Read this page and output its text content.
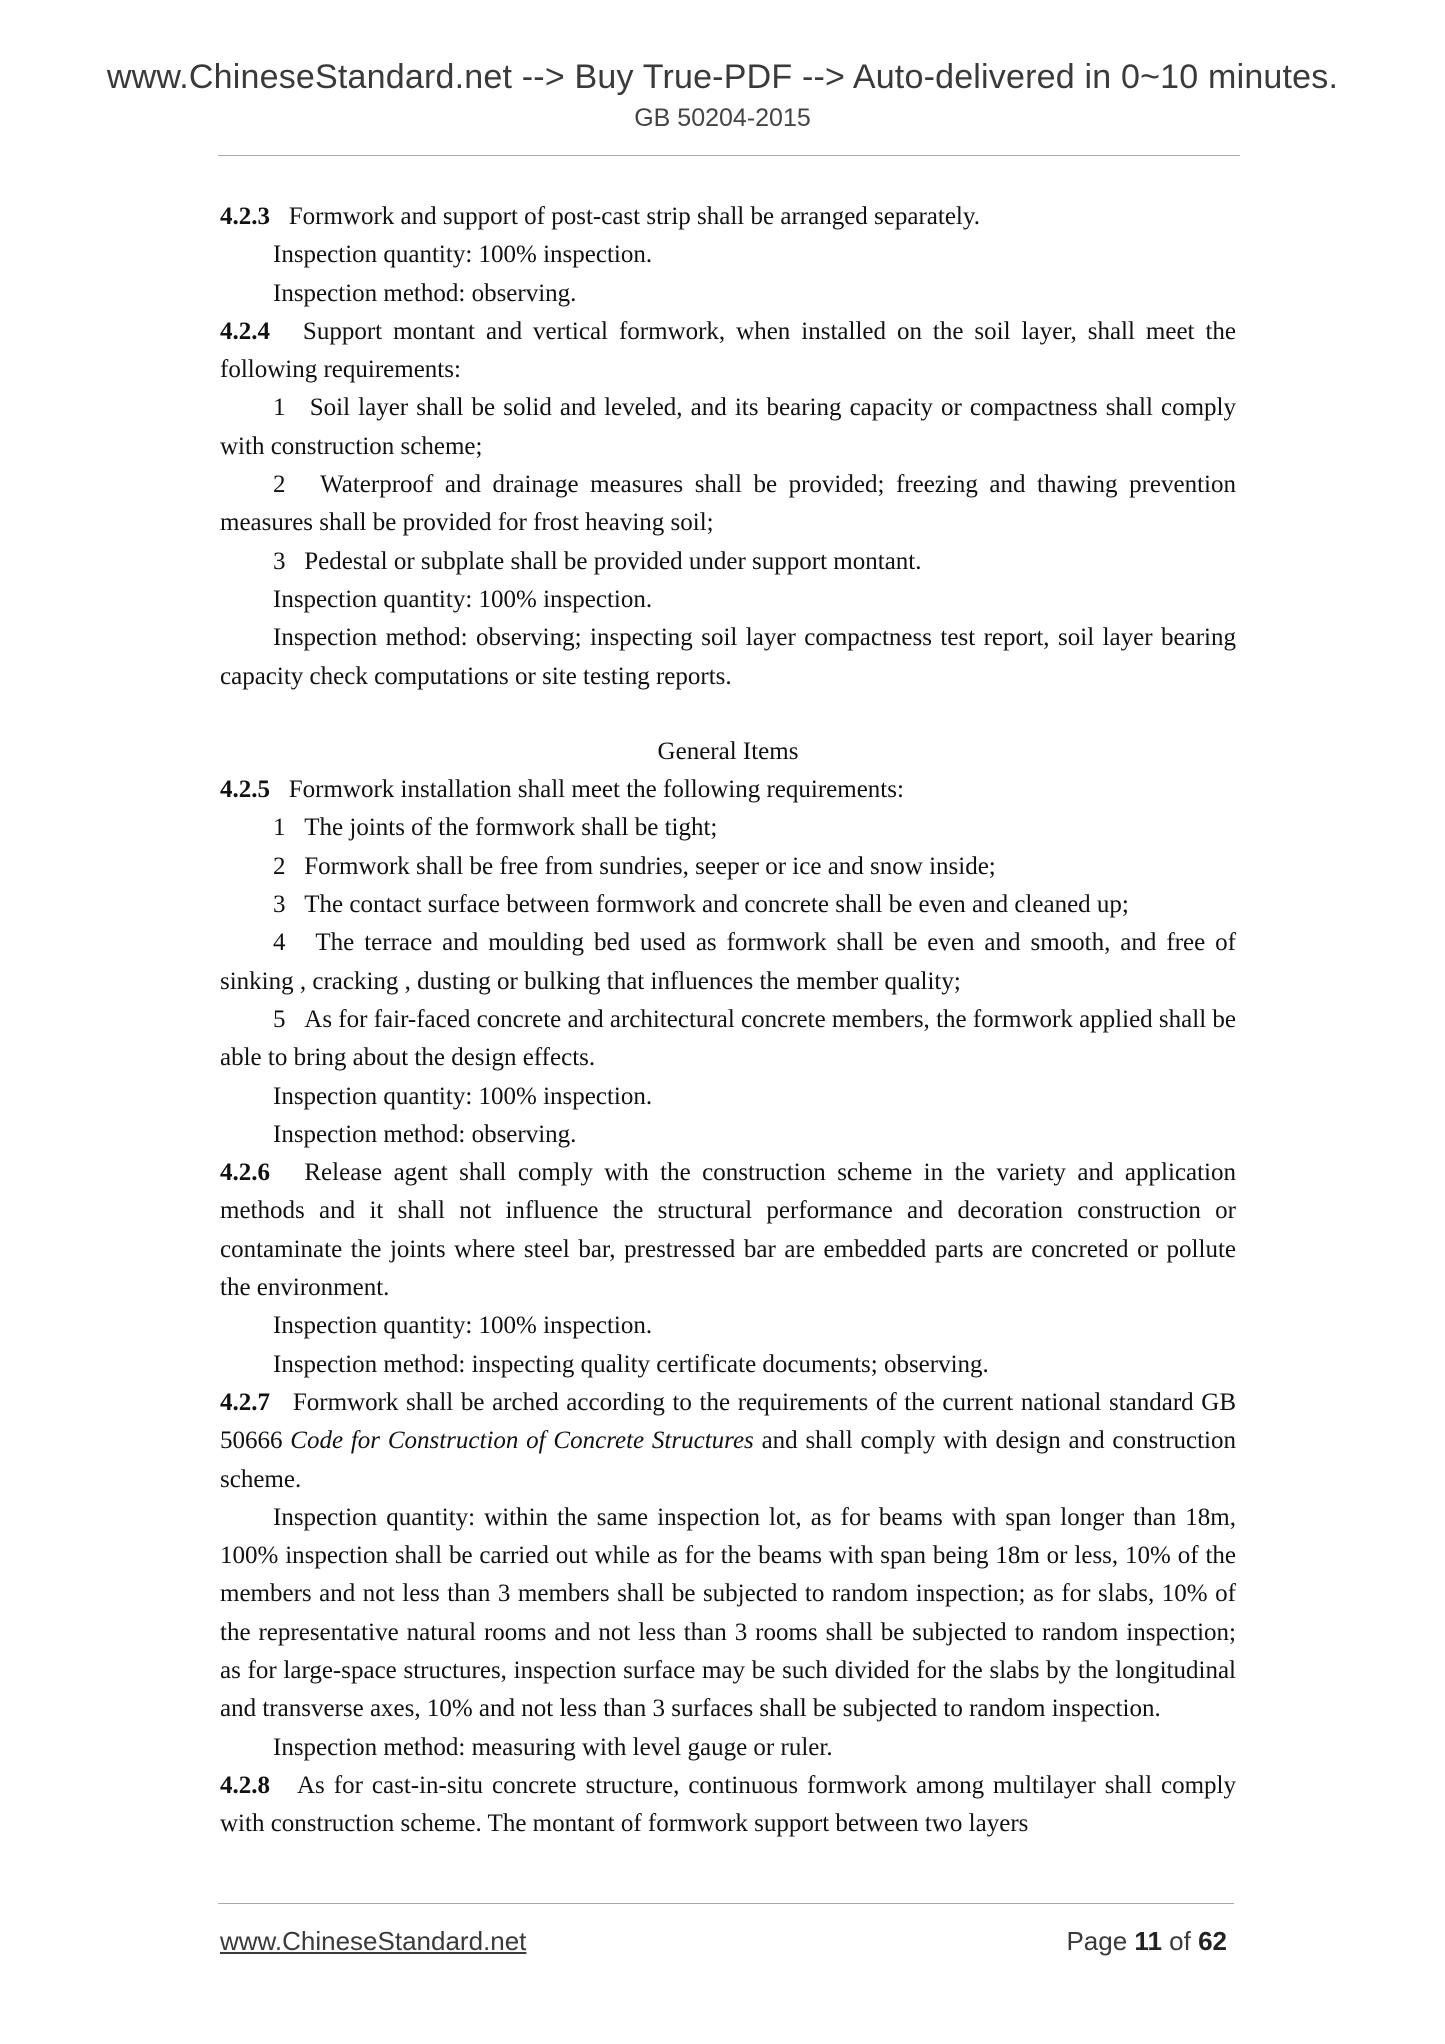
www.ChineseStandard.net --> Buy True-PDF --> Auto-delivered in 0~10 minutes.
GB 50204-2015

4.2.3 Formwork and support of post-cast strip shall be arranged separately.

Inspection quantity: 100% inspection.

Inspection method: observing.

4.2.4 Support montant and vertical formwork, when installed on the soil layer, shall meet the following requirements:

1 Soil layer shall be solid and leveled, and its bearing capacity or compactness shall comply with construction scheme;

2 Waterproof and drainage measures shall be provided; freezing and thawing prevention measures shall be provided for frost heaving soil;

3 Pedestal or subplate shall be provided under support montant.

Inspection quantity: 100% inspection.

Inspection method: observing; inspecting soil layer compactness test report, soil layer bearing capacity check computations or site testing reports.

General Items

4.2.5 Formwork installation shall meet the following requirements:

1 The joints of the formwork shall be tight;

2 Formwork shall be free from sundries, seeper or ice and snow inside;

3 The contact surface between formwork and concrete shall be even and cleaned up;

4 The terrace and moulding bed used as formwork shall be even and smooth, and free of sinking , cracking , dusting or bulking that influences the member quality;

5 As for fair-faced concrete and architectural concrete members, the formwork applied shall be able to bring about the design effects.

Inspection quantity: 100% inspection.

Inspection method: observing.

4.2.6 Release agent shall comply with the construction scheme in the variety and application methods and it shall not influence the structural performance and decoration construction or contaminate the joints where steel bar, prestressed bar are embedded parts are concreted or pollute the environment.

Inspection quantity: 100% inspection.

Inspection method: inspecting quality certificate documents; observing.

4.2.7 Formwork shall be arched according to the requirements of the current national standard GB 50666 Code for Construction of Concrete Structures and shall comply with design and construction scheme.

Inspection quantity: within the same inspection lot, as for beams with span longer than 18m, 100% inspection shall be carried out while as for the beams with span being 18m or less, 10% of the members and not less than 3 members shall be subjected to random inspection; as for slabs, 10% of the representative natural rooms and not less than 3 rooms shall be subjected to random inspection; as for large-space structures, inspection surface may be such divided for the slabs by the longitudinal and transverse axes, 10% and not less than 3 surfaces shall be subjected to random inspection.

Inspection method: measuring with level gauge or ruler.

4.2.8 As for cast-in-situ concrete structure, continuous formwork among multilayer shall comply with construction scheme. The montant of formwork support between two layers

www.ChineseStandard.net	Page 11 of 62
